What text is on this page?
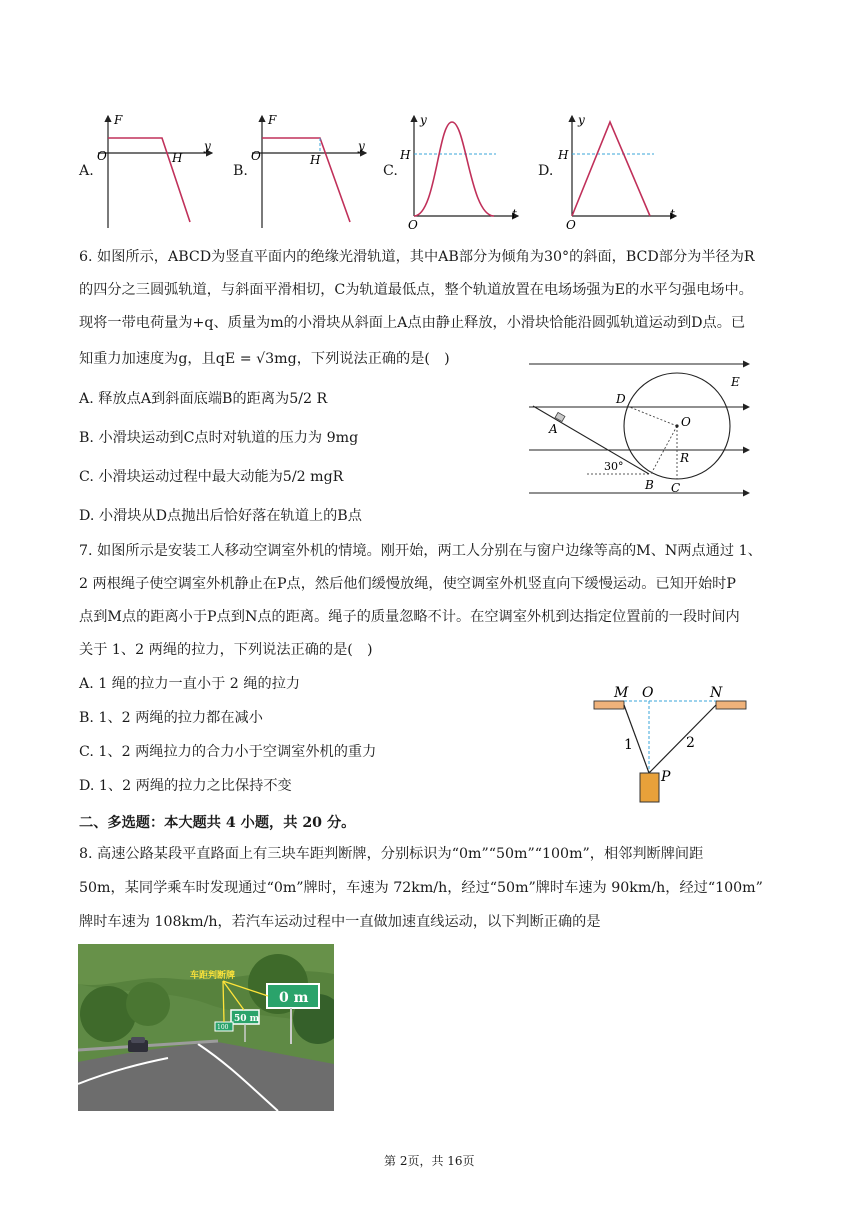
A.	B.	C.	D.
F
O
y
H
F
O
y
H
y
H
O
t
y
H
O
t
6. 如图所示，ABCD为竖直平面内的绝缘光滑轨道，其中AB部分为倾角为30°的斜面，BCD部分为半径为R
的四分之三圆弧轨道，与斜面平滑相切，C为轨道最低点，整个轨道放置在电场场强为E的水平匀强电场中。
现将一带电荷量为+q、质量为m的小滑块从斜面上A点由静止释放，小滑块恰能沿圆弧轨道运动到D点。已
知重力加速度为g，且qE = √3mg，下列说法正确的是(　)
A. 释放点A到斜面底端B的距离为5/2 R
B. 小滑块运动到C点时对轨道的压力为 9mg
C. 小滑块运动过程中最大动能为5/2 mgR
D. 小滑块从D点抛出后恰好落在轨道上的B点
E
D
O
A
R
30°
B C
7. 如图所示是安装工人移动空调室外机的情境。刚开始，两工人分别在与窗户边缘等高的M、N两点通过 1、
2 两根绳子使空调室外机静止在P点，然后他们缓慢放绳，使空调室外机竖直向下缓慢运动。已知开始时P
点到M点的距离小于P点到N点的距离。绳子的质量忽略不计。在空调室外机到达指定位置前的一段时间内
关于 1、2 两绳的拉力，下列说法正确的是(　)
A. 1 绳的拉力一直小于 2 绳的拉力
B. 1、2 两绳的拉力都在减小
C. 1、2 两绳拉力的合力小于空调室外机的重力
D. 1、2 两绳的拉力之比保持不变
M O	N
1	2
P
二、多选题：本大题共 4 小题，共 20 分。
8. 高速公路某段平直路面上有三块车距判断牌，分别标识为“0m”“50m”“100m”，相邻判断牌间距
50m，某同学乘车时发现通过“0m”牌时，车速为 72km/h，经过“50m”牌时车速为 90km/h，经过“100m”
牌时车速为 108km/h，若汽车运动过程中一直做加速直线运动，以下判断正确的是
0 m
50 m
100
车距判断牌
第 2页，共 16页
